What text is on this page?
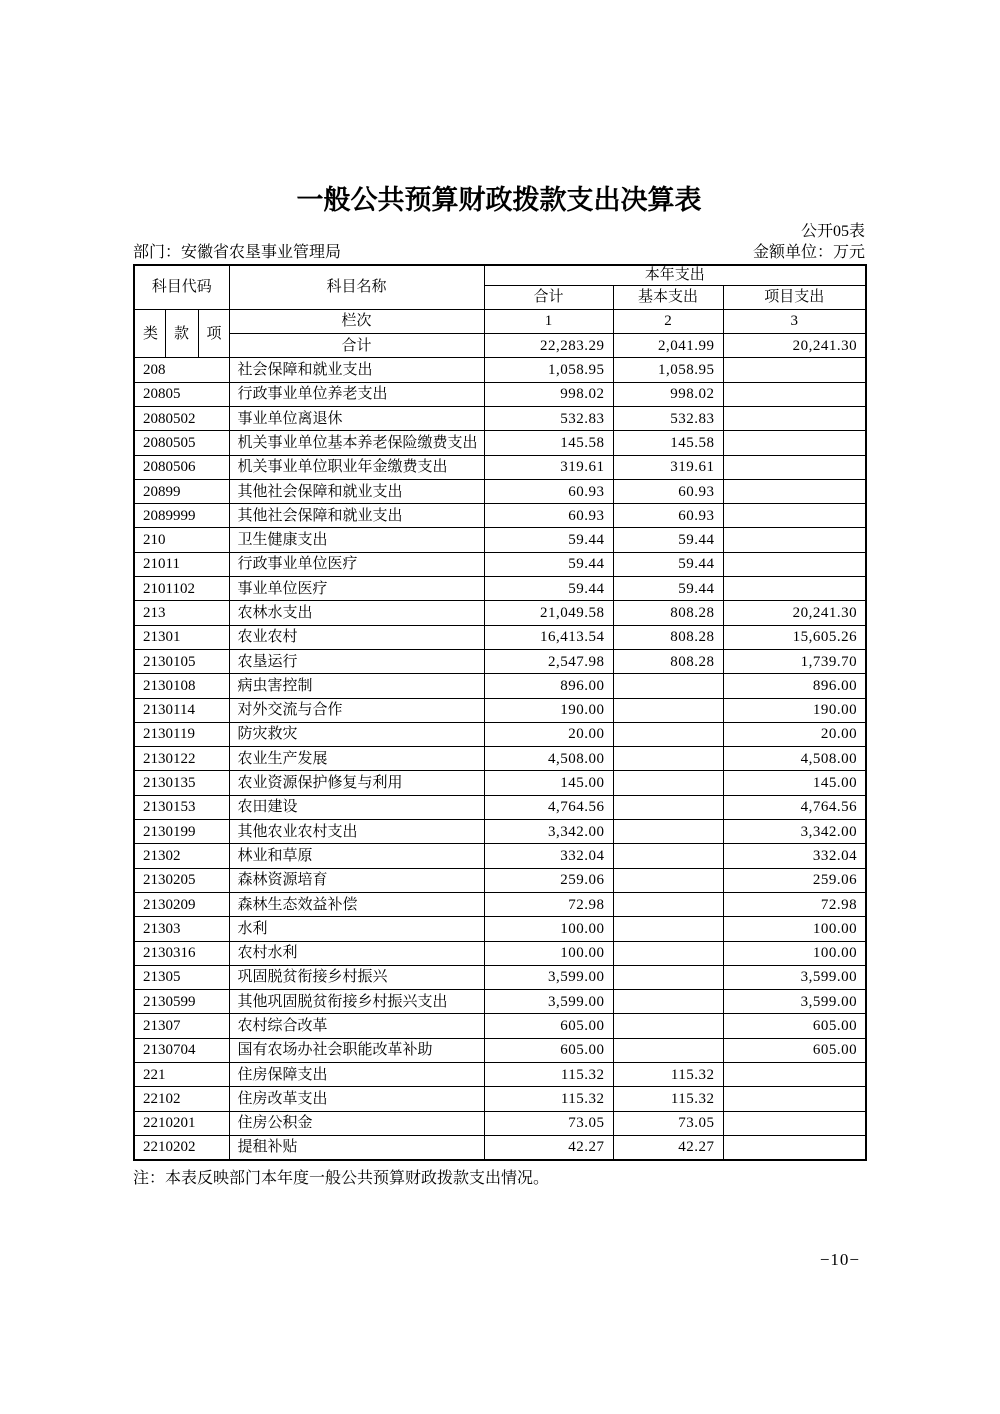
一般公共预算财政拨款支出决算表
公开05表
部门：安徽省农垦事业管理局	金额单位：万元
科目代码			科目名称	本年支出		
				合计	基本支出	项目支出
类	款	项	栏次	1	2	3
			合计	22,283.29	2,041.99	20,241.30
208			社会保障和就业支出	1,058.95	1,058.95	
20805			行政事业单位养老支出	998.02	998.02	
2080502			事业单位离退休	532.83	532.83	
2080505			机关事业单位基本养老保险缴费支出	145.58	145.58	
2080506			机关事业单位职业年金缴费支出	319.61	319.61	
20899			其他社会保障和就业支出	60.93	60.93	
2089999			其他社会保障和就业支出	60.93	60.93	
210			卫生健康支出	59.44	59.44	
21011			行政事业单位医疗	59.44	59.44	
2101102			事业单位医疗	59.44	59.44	
213			农林水支出	21,049.58	808.28	20,241.30
21301			农业农村	16,413.54	808.28	15,605.26
2130105			农垦运行	2,547.98	808.28	1,739.70
2130108			病虫害控制	896.00		896.00
2130114			对外交流与合作	190.00		190.00
2130119			防灾救灾	20.00		20.00
2130122			农业生产发展	4,508.00		4,508.00
2130135			农业资源保护修复与利用	145.00		145.00
2130153			农田建设	4,764.56		4,764.56
2130199			其他农业农村支出	3,342.00		3,342.00
21302			林业和草原	332.04		332.04
2130205			森林资源培育	259.06		259.06
2130209			森林生态效益补偿	72.98		72.98
21303			水利	100.00		100.00
2130316			农村水利	100.00		100.00
21305			巩固脱贫衔接乡村振兴	3,599.00		3,599.00
2130599			其他巩固脱贫衔接乡村振兴支出	3,599.00		3,599.00
21307			农村综合改革	605.00		605.00
2130704			国有农场办社会职能改革补助	605.00		605.00
221			住房保障支出	115.32	115.32	
22102			住房改革支出	115.32	115.32	
2210201			住房公积金	73.05	73.05	
2210202			提租补贴	42.27	42.27	
注：本表反映部门本年度一般公共预算财政拨款支出情况。
−10−
